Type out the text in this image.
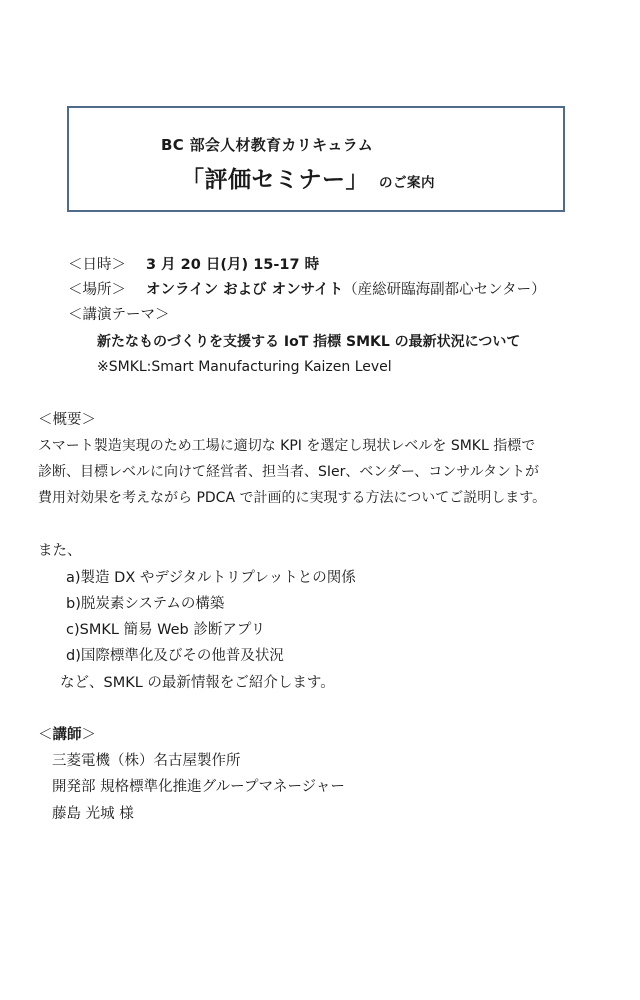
BC 部会人材教育カリキュラム
「評価セミナー」 のご案内
＜日時＞ 3 月 20 日(月) 15-17 時
＜場所＞ オンライン および オンサイト（産総研臨海副都心センター）
＜講演テーマ＞
新たなものづくりを支援する IoT 指標 SMKL の最新状況について
※SMKL:Smart Manufacturing Kaizen Level
＜概要＞
スマート製造実現のため工場に適切な KPI を選定し現状レベルを SMKL 指標で
診断、目標レベルに向けて経営者、担当者、SIer、ベンダー、コンサルタントが
費用対効果を考えながら PDCA で計画的に実現する方法についてご説明します。
また、
a)製造 DX やデジタルトリプレットとの関係
b)脱炭素システムの構築
c)SMKL 簡易 Web 診断アプリ
d)国際標準化及びその他普及状況
など、SMKL の最新情報をご紹介します。
＜講師＞
三菱電機（株）名古屋製作所
開発部 規格標準化推進グループマネージャー
藤島 光城 様
